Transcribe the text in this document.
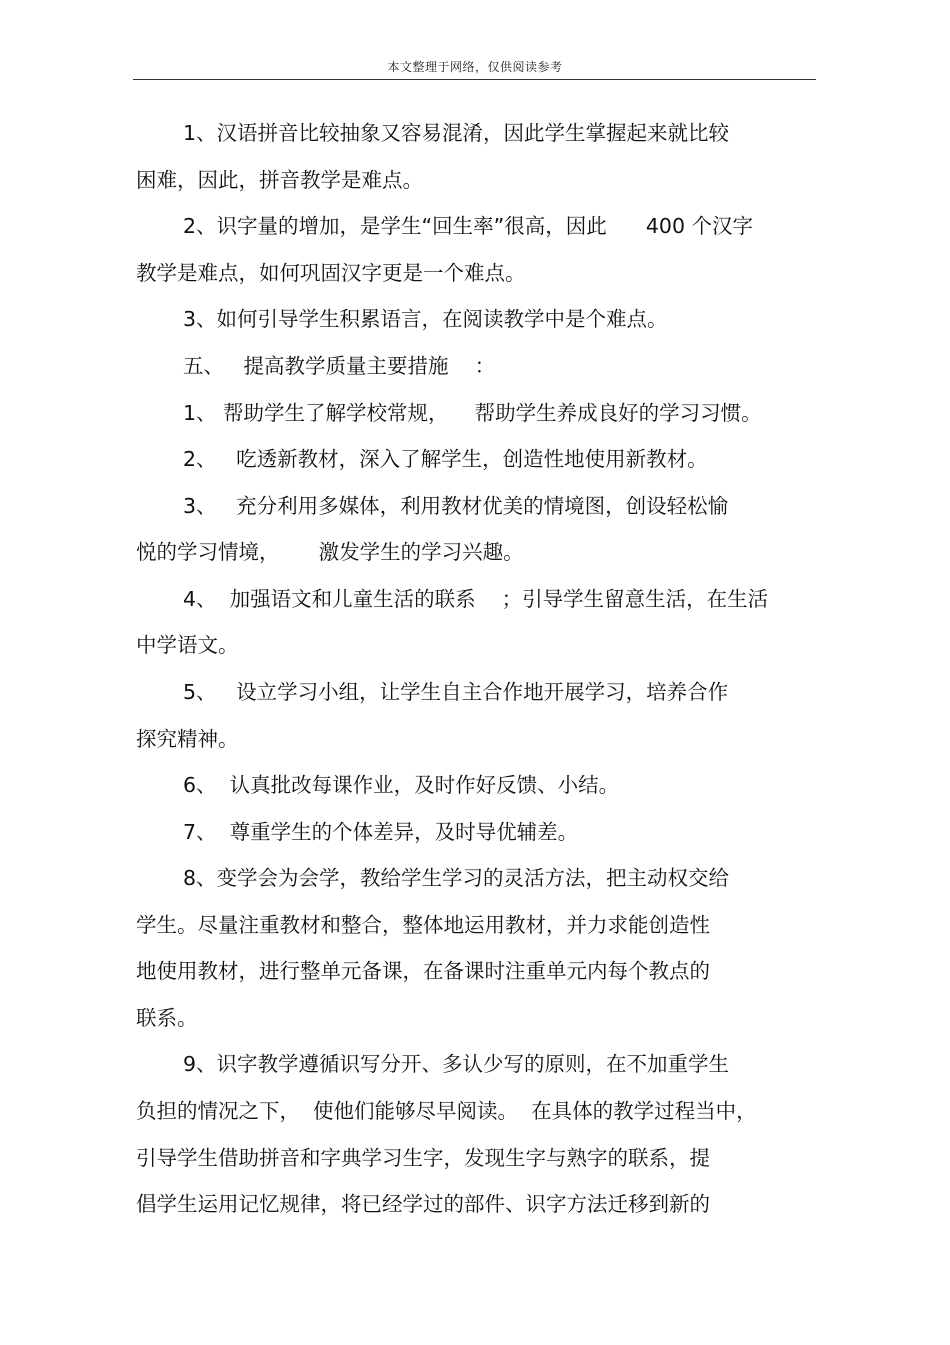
本文整理于网络，仅供阅读参考
1、汉语拼音比较抽象又容易混淆，因此学生掌握起来就比较
困难，因此，拼音教学是难点。
2、识字量的增加，是学生“回生率”很高，因此      400 个汉字
教学是难点，如何巩固汉字更是一个难点。
3、如何引导学生积累语言，在阅读教学中是个难点。
五、   提高教学质量主要措施    ：
1、 帮助学生了解学校常规，    帮助学生养成良好的学习习惯。
2、   吃透新教材，深入了解学生，创造性地使用新教材。
3、   充分利用多媒体，利用教材优美的情境图，创设轻松愉
悦的学习情境，      激发学生的学习兴趣。
4、  加强语文和儿童生活的联系    ；引导学生留意生活，在生活
中学语文。
5、   设立学习小组，让学生自主合作地开展学习，培养合作
探究精神。
6、  认真批改每课作业，及时作好反馈、小结。
7、  尊重学生的个体差异，及时导优辅差。
8、变学会为会学，教给学生学习的灵活方法，把主动权交给
学生。尽量注重教材和整合，整体地运用教材，并力求能创造性
地使用教材，进行整单元备课，在备课时注重单元内每个教点的
联系。
9、识字教学遵循识写分开、多认少写的原则，在不加重学生
负担的情况之下，  使他们能够尽早阅读。  在具体的教学过程当中，
引导学生借助拼音和字典学习生字，发现生字与熟字的联系，提
倡学生运用记忆规律，将已经学过的部件、识字方法迁移到新的
